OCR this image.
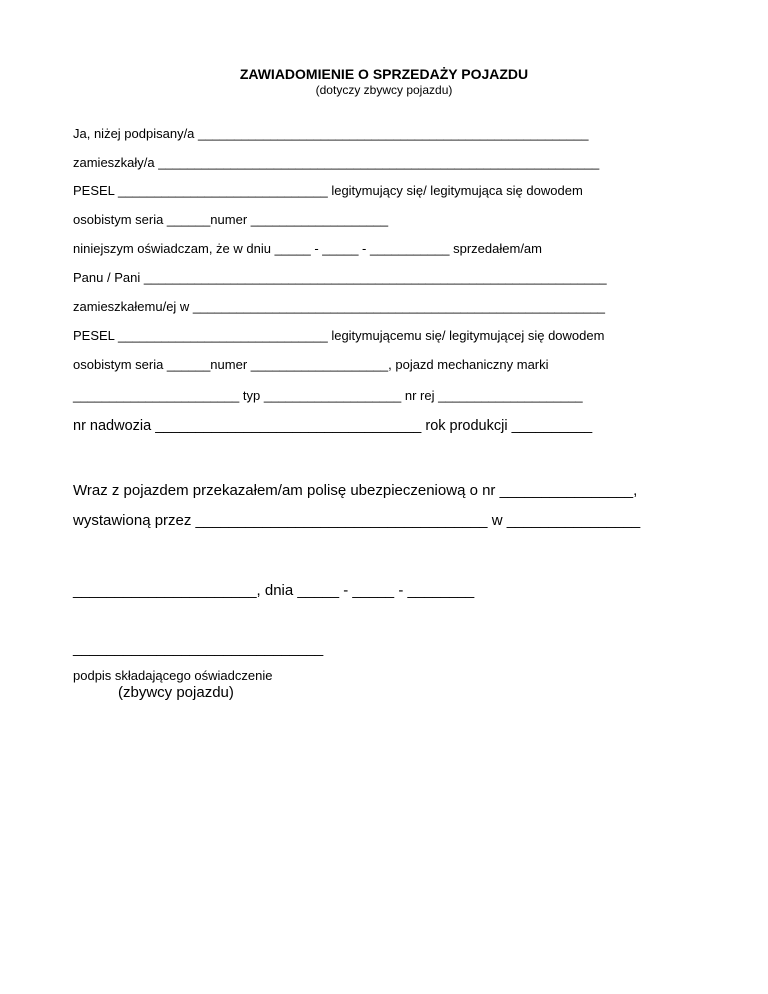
ZAWIADOMIENIE O SPRZEDAŻY POJAZDU
(dotyczy zbywcy pojazdu)
Ja, niżej podpisany/a ______________________________________________________
zamieszkały/a _____________________________________________________________
PESEL _____________________________ legitymujący się/ legitymująca się dowodem
osobistym seria ______numer ___________________
niniejszym oświadczam, że w dniu _____ - _____ - ___________ sprzedałem/am
Panu / Pani ________________________________________________________________
zamieszkałemu/ej w _________________________________________________________
PESEL _____________________________ legitymującemu się/ legitymującej się dowodem
osobistym seria ______numer ___________________, pojazd mechaniczny marki
_______________________ typ ___________________ nr rej ____________________
nr nadwozia _________________________________ rok produkcji __________
Wraz z pojazdem przekazałem/am polisę ubezpieczeniową o nr ________________,
wystawioną przez ___________________________________ w ________________
______________________, dnia _____ - _____ - ________
______________________________
podpis składającego oświadczenie
(zbywcy pojazdu)
